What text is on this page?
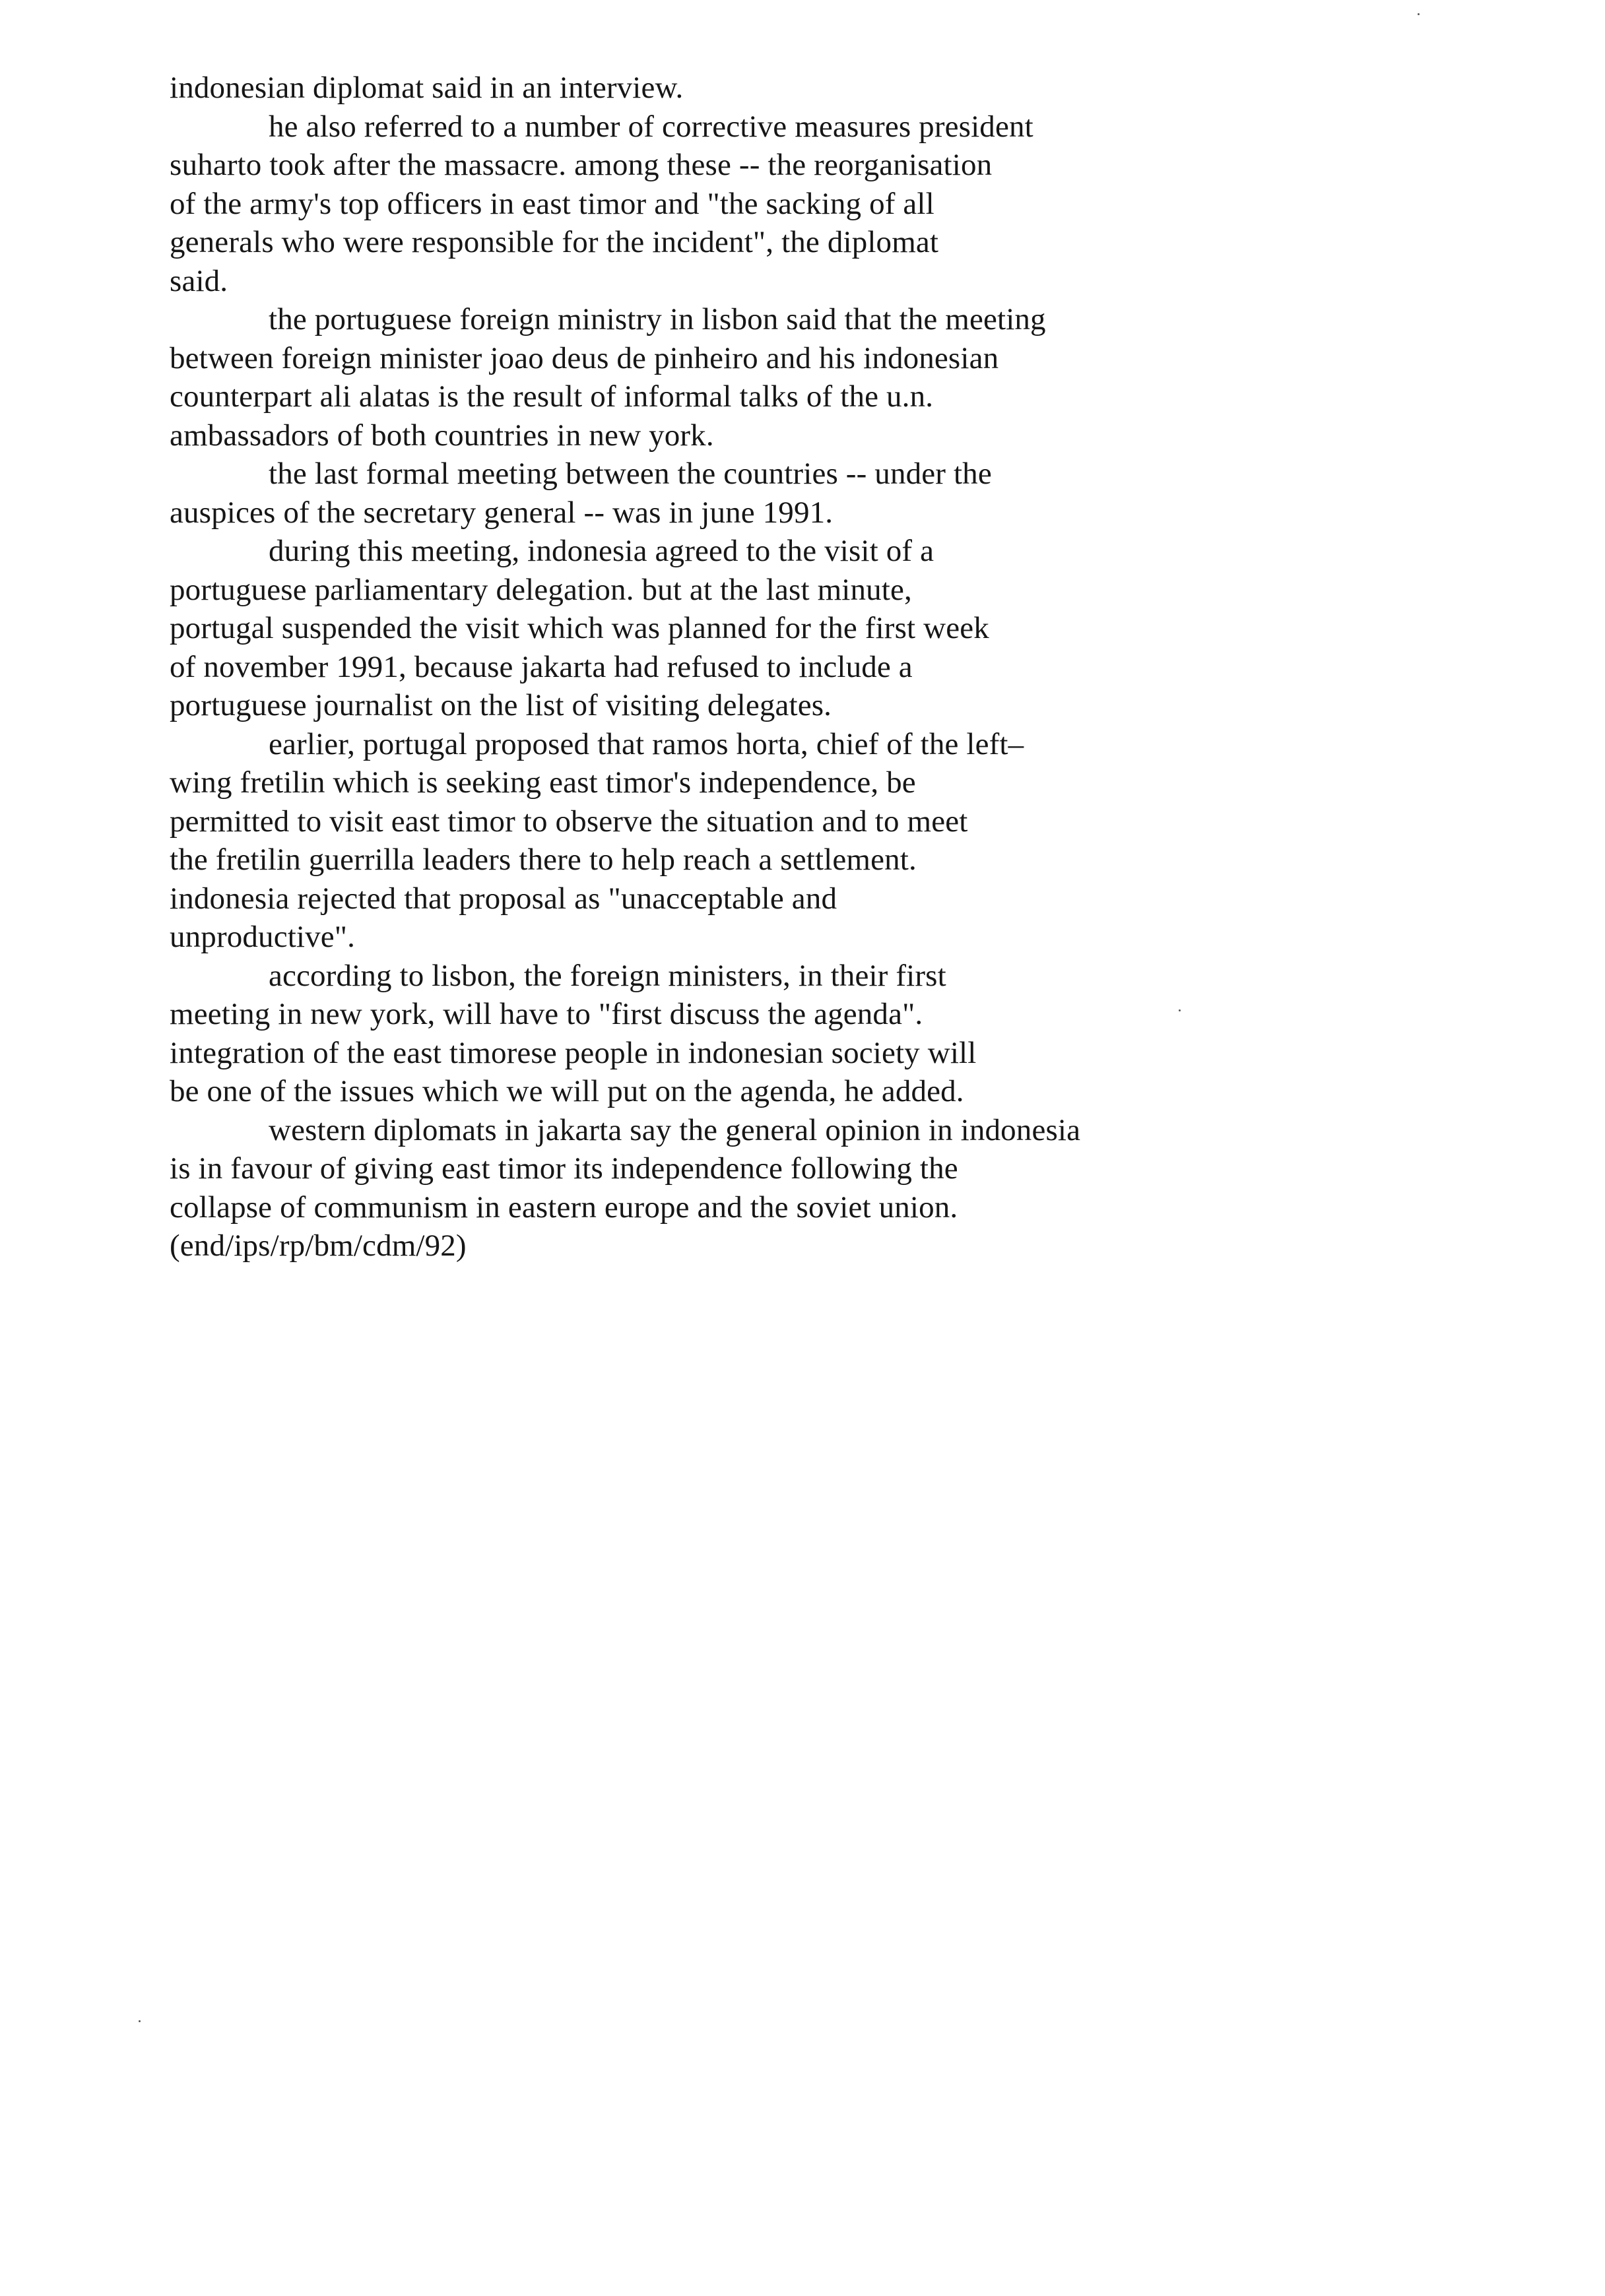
indonesian diplomat said in an interview.
he also referred to a number of corrective measures president
suharto took after the massacre. among these -- the reorganisation
of the army's top officers in east timor and "the sacking of all
generals who were responsible for the incident", the diplomat
said.
the portuguese foreign ministry in lisbon said that the meeting
between foreign minister joao deus de pinheiro and his indonesian
counterpart ali alatas is the result of informal talks of the u.n.
ambassadors of both countries in new york.
the last formal meeting between the countries -- under the
auspices of the secretary general -- was in june 1991.
during this meeting, indonesia agreed to the visit of a
portuguese parliamentary delegation. but at the last minute,
portugal suspended the visit which was planned for the first week
of november 1991, because jakarta had refused to include a
portuguese journalist on the list of visiting delegates.
earlier, portugal proposed that ramos horta, chief of the left–
wing fretilin which is seeking east timor's independence, be
permitted to visit east timor to observe the situation and to meet
the fretilin guerrilla leaders there to help reach a settlement.
indonesia rejected that proposal as "unacceptable and
unproductive".
according to lisbon, the foreign ministers, in their first
meeting in new york, will have to "first discuss the agenda".
integration of the east timorese people in indonesian society will
be one of the issues which we will put on the agenda, he added.
western diplomats in jakarta say the general opinion in indonesia
is in favour of giving east timor its independence following the
collapse of communism in eastern europe and the soviet union.
(end/ips/rp/bm/cdm/92)
